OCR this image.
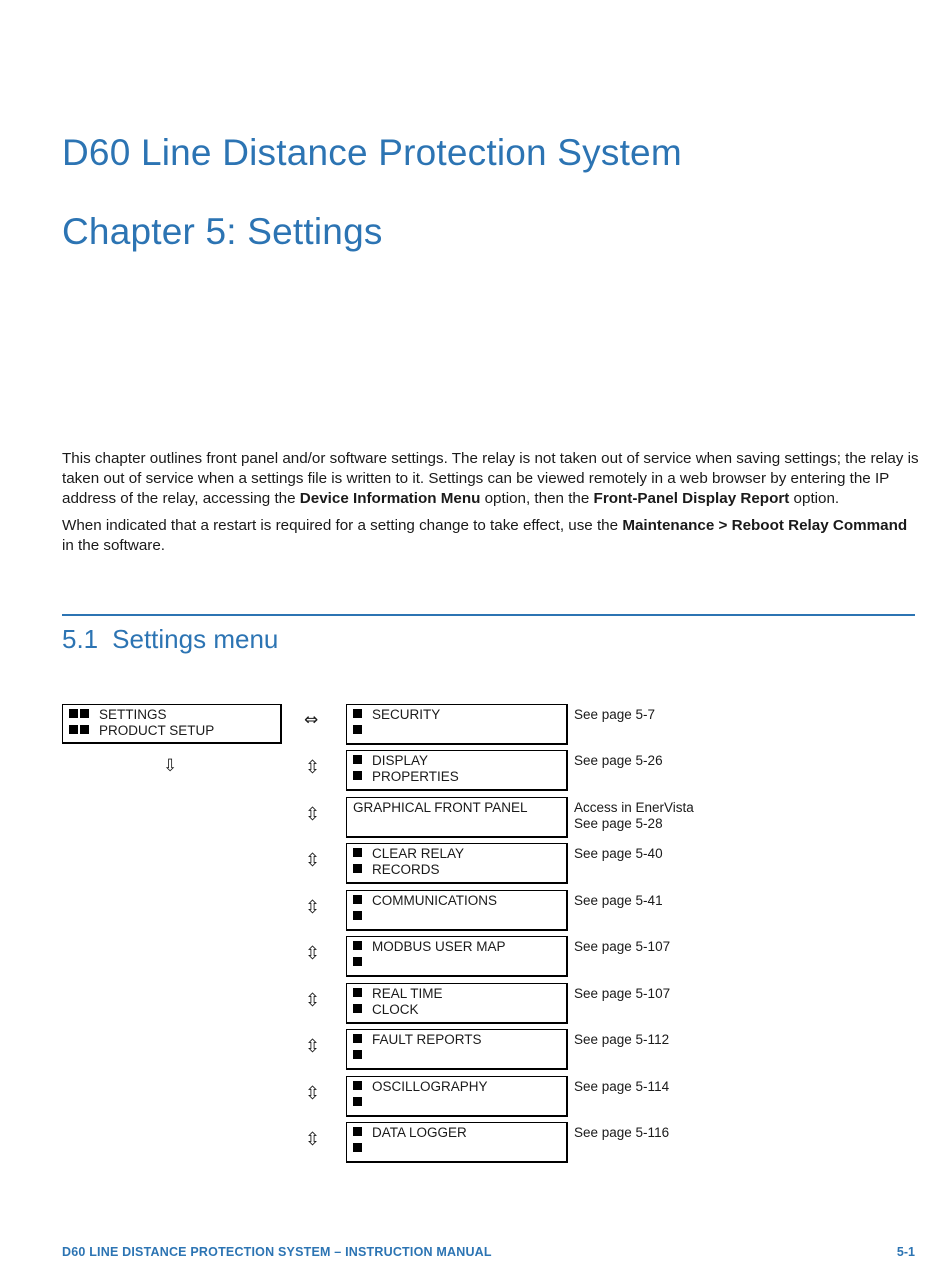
D60 Line Distance Protection System
Chapter 5: Settings

This chapter outlines front panel and/or software settings. The relay is not taken out of service when saving settings; the relay is taken out of service when a settings file is written to it. Settings can be viewed remotely in a web browser by entering the IP address of the relay, accessing the Device Information Menu option, then the Front-Panel Display Report option.

When indicated that a restart is required for a setting change to take effect, use the Maintenance > Reboot Relay Command in the software.

5.1 Settings menu
SETTINGS
PRODUCT SETUP
⇔
⇩
SECURITY	See page 5-7
⇳	DISPLAY
PROPERTIES
See page 5-26
⇳ GRAPHICAL FRONT PANEL	Access in EnerVista
See page 5-28
⇳	CLEAR RELAY
RECORDS
See page 5-40
⇳	COMMUNICATIONS	See page 5-41
⇳	MODBUS USER MAP	See page 5-107
⇳	REAL TIME
CLOCK
See page 5-107
⇳	FAULT REPORTS	See page 5-112
⇳	OSCILLOGRAPHY	See page 5-114
⇳	DATA LOGGER	See page 5-116
D60 LINE DISTANCE PROTECTION SYSTEM – INSTRUCTION MANUAL	5-1
